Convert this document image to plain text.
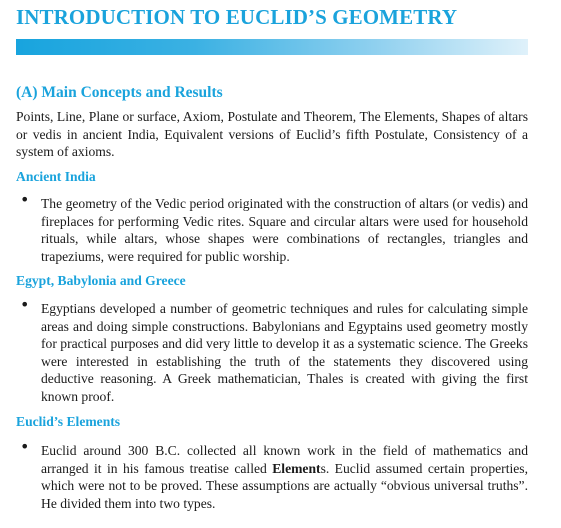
INTRODUCTION TO EUCLID’S GEOMETRY
(A) Main Concepts and Results

Points, Line, Plane or surface, Axiom, Postulate and Theorem, The Elements, Shapes of altars or vedis in ancient India, Equivalent versions of Euclid’s fifth Postulate, Consistency of a system of axioms.

Ancient India
• The geometry of the Vedic period originated with the construction of altars (or vedis) and fireplaces for performing Vedic rites. Square and circular altars were used for household rituals, while altars, whose shapes were combinations of rectangles, triangles and trapeziums, were required for public worship.

Egypt, Babylonia and Greece
• Egyptians developed a number of geometric techniques and rules for calculating simple areas and doing simple constructions. Babylonians and Egyptains used geometry mostly for practical purposes and did very little to develop it as a systematic science. The Greeks were interested in establishing the truth of the statements they discovered using deductive reasoning. A Greek mathematician, Thales is created with giving the first known proof.

Euclid’s Elements
• Euclid around 300 B.C. collected all known work in the field of mathematics and arranged it in his famous treatise called Elements. Euclid assumed certain properties, which were not to be proved. These assumptions are actually “obvious universal truths”. He divided them into two types.
